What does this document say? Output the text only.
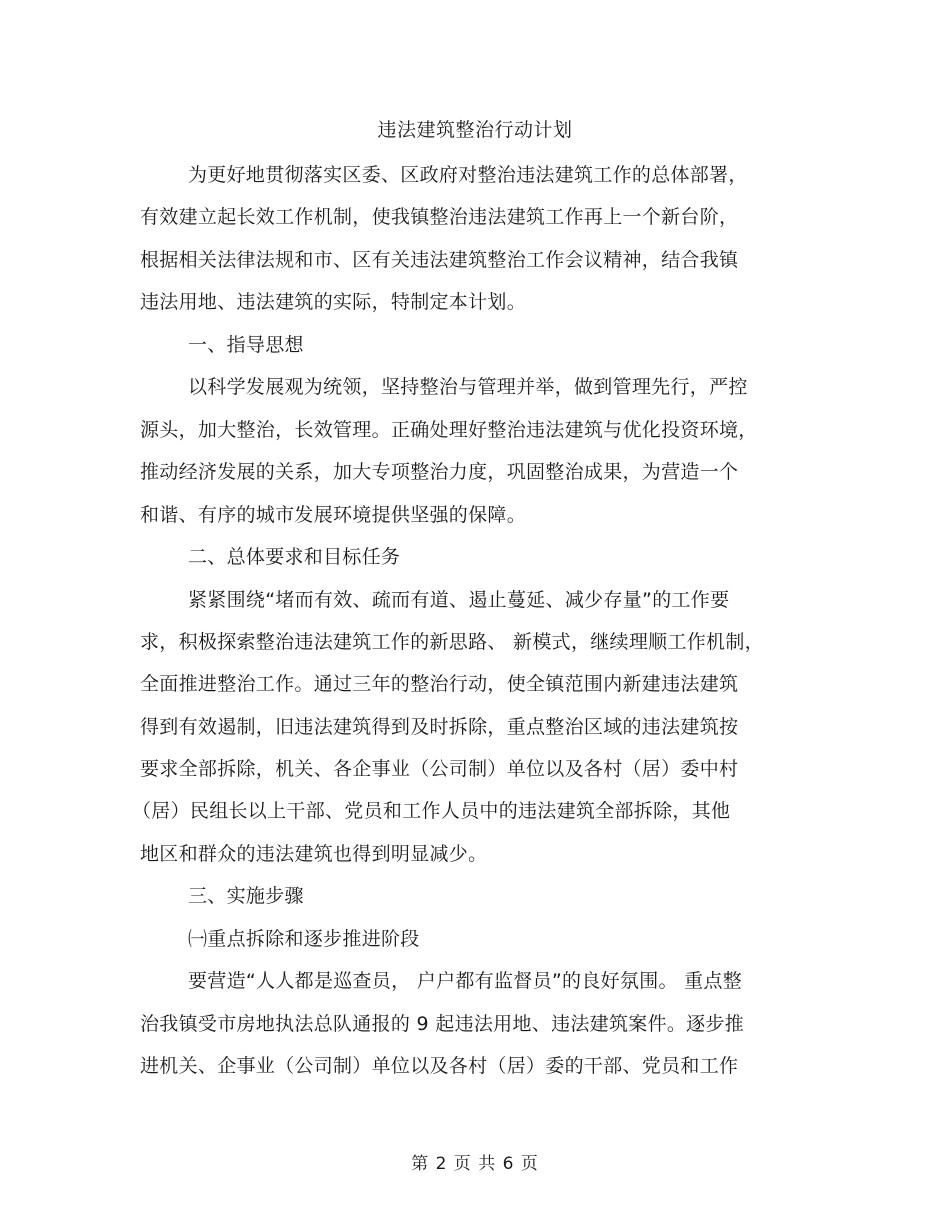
违法建筑整治行动计划
为更好地贯彻落实区委、区政府对整治违法建筑工作的总体部署，
有效建立起长效工作机制，使我镇整治违法建筑工作再上一个新台阶，
根据相关法律法规和市、区有关违法建筑整治工作会议精神，结合我镇
违法用地、违法建筑的实际，特制定本计划。
一、指导思想
以科学发展观为统领，坚持整治与管理并举，做到管理先行，严控
源头，加大整治，长效管理。正确处理好整治违法建筑与优化投资环境，
推动经济发展的关系，加大专项整治力度，巩固整治成果，为营造一个
和谐、有序的城市发展环境提供坚强的保障。
二、总体要求和目标任务
紧紧围绕“堵而有效、疏而有道、遏止蔓延、减少存量”的工作要
求，积极探索整治违法建筑工作的新思路、 新模式，继续理顺工作机制，
全面推进整治工作。通过三年的整治行动，使全镇范围内新建违法建筑
得到有效遏制，旧违法建筑得到及时拆除，重点整治区域的违法建筑按
要求全部拆除，机关、各企事业（公司制）单位以及各村（居）委中村
（居）民组长以上干部、党员和工作人员中的违法建筑全部拆除，其他
地区和群众的违法建筑也得到明显减少。
三、实施步骤
㈠重点拆除和逐步推进阶段
要营造“人人都是巡查员， 户户都有监督员”的良好氛围。 重点整
治我镇受市房地执法总队通报的 9 起违法用地、违法建筑案件。逐步推
进机关、企事业（公司制）单位以及各村（居）委的干部、党员和工作
第 2 页 共 6 页
